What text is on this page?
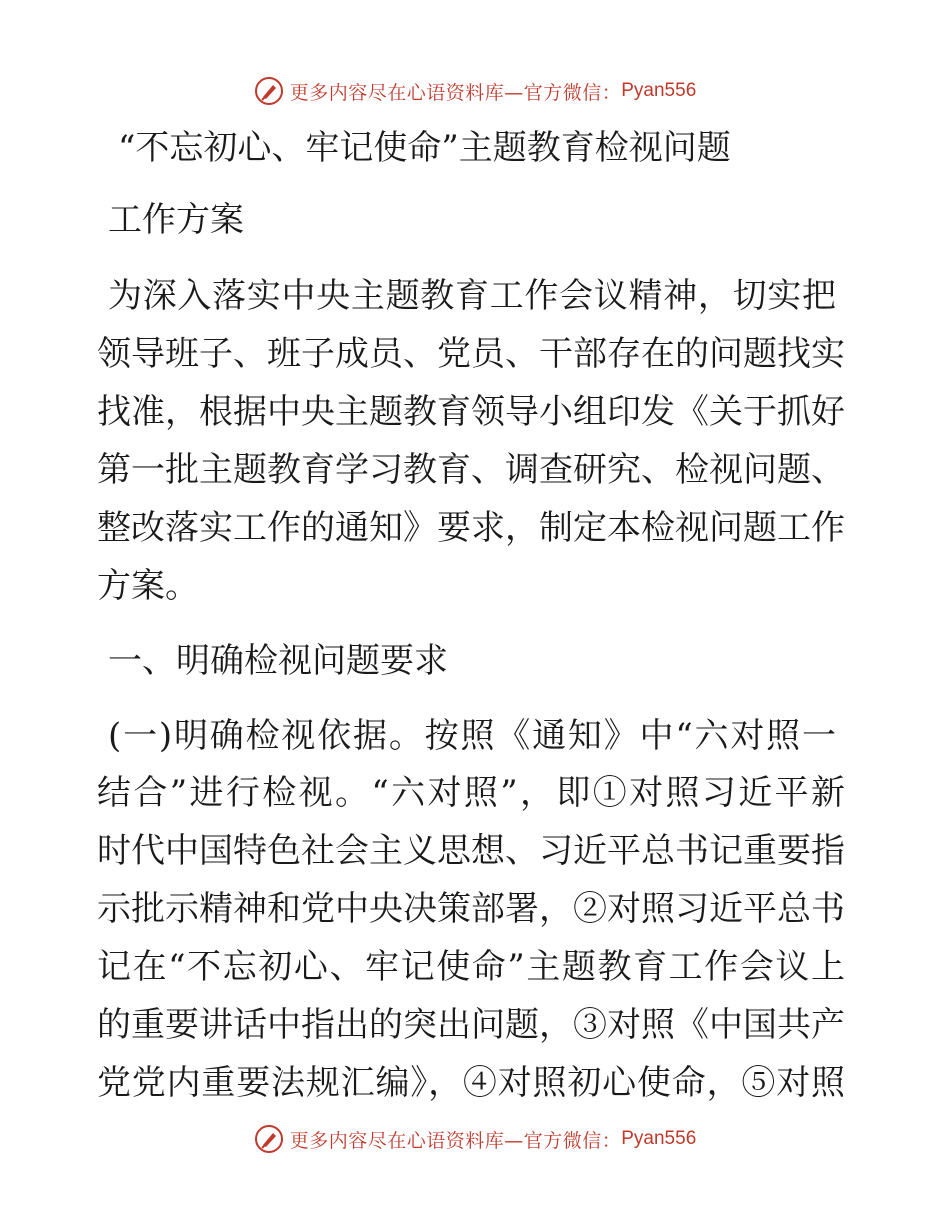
更多内容尽在心语资料库—官方微信： Pyan556
“不忘初心、牢记使命”主题教育检视问题
工作方案
为深入落实中央主题教育工作会议精神，切实把
领导班子、班子成员、党员、干部存在的问题找实
找准，根据中央主题教育领导小组印发《关于抓好
第一批主题教育学习教育、调查研究、检视问题、
整改落实工作的通知》要求，制定本检视问题工作
方案。
一、明确检视问题要求
(一)明确检视依据。按照《通知》中“六对照一
结合”进行检视。“六对照”，即①对照习近平新
时代中国特色社会主义思想、习近平总书记重要指
示批示精神和党中央决策部署，②对照习近平总书
记在“不忘初心、牢记使命”主题教育工作会议上
的重要讲话中指出的突出问题，③对照《中国共产
党党内重要法规汇编》，④对照初心使命，⑤对照
更多内容尽在心语资料库—官方微信： Pyan556
